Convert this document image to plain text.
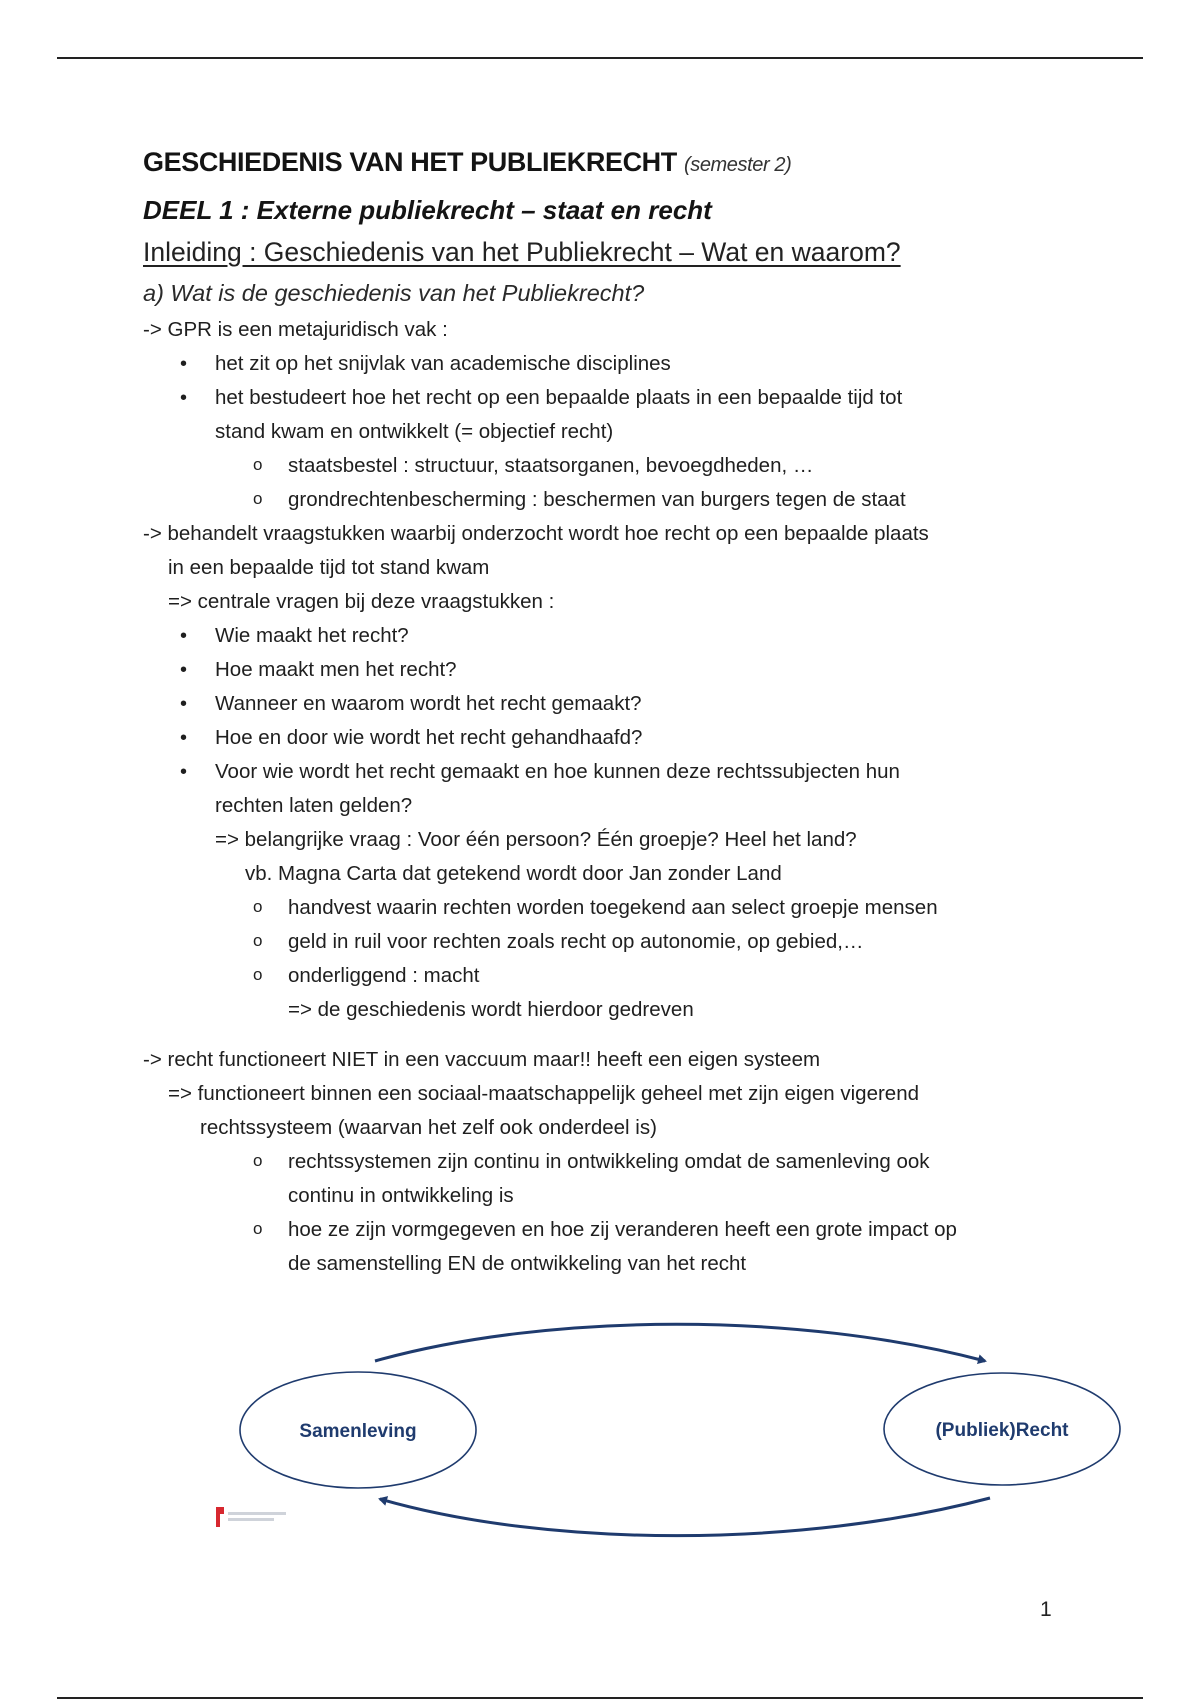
GESCHIEDENIS VAN HET PUBLIEKRECHT (semester 2)
DEEL 1 : Externe publiekrecht – staat en recht
Inleiding : Geschiedenis van het Publiekrecht – Wat en waarom?
a) Wat is de geschiedenis van het Publiekrecht?
-> GPR is een metajuridisch vak :
• het zit op het snijvlak van academische disciplines
• het bestudeert hoe het recht op een bepaalde plaats in een bepaalde tijd tot
stand kwam en ontwikkelt (= objectief recht)
o staatsbestel : structuur, staatsorganen, bevoegdheden, …
o grondrechtenbescherming : beschermen van burgers tegen de staat
-> behandelt vraagstukken waarbij onderzocht wordt hoe recht op een bepaalde plaats
in een bepaalde tijd tot stand kwam
=> centrale vragen bij deze vraagstukken :
• Wie maakt het recht?
• Hoe maakt men het recht?
• Wanneer en waarom wordt het recht gemaakt?
• Hoe en door wie wordt het recht gehandhaafd?
• Voor wie wordt het recht gemaakt en hoe kunnen deze rechtssubjecten hun
rechten laten gelden?
=> belangrijke vraag : Voor één persoon? Één groepje? Heel het land?
vb. Magna Carta dat getekend wordt door Jan zonder Land
o handvest waarin rechten worden toegekend aan select groepje mensen
o geld in ruil voor rechten zoals recht op autonomie, op gebied,…
o onderliggend : macht
=> de geschiedenis wordt hierdoor gedreven
-> recht functioneert NIET in een vaccuum maar!! heeft een eigen systeem
=> functioneert binnen een sociaal-maatschappelijk geheel met zijn eigen vigerend
rechtssysteem (waarvan het zelf ook onderdeel is)
o rechtssystemen zijn continu in ontwikkeling omdat de samenleving ook
continu in ontwikkeling is
o hoe ze zijn vormgegeven en hoe zij veranderen heeft een grote impact op
de samenstelling EN de ontwikkeling van het recht
Samenleving	(Publiek)Recht
1
